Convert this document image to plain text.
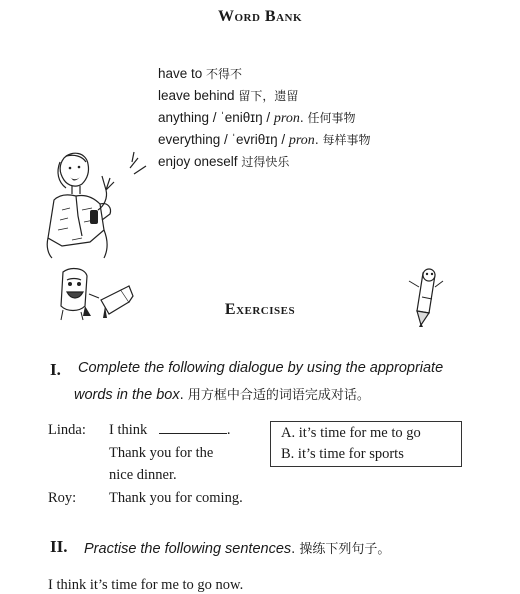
Word Bank
have to 不得不
leave behind 留下，遗留
anything / ˈeniθɪŋ / pron. 任何事物
everything / ˈevriθɪŋ / pron. 每样事物
enjoy oneself 过得快乐
Exercises
I. Complete the following dialogue by using the appropriate
words in the box. 用方框中合适的词语完成对话。
Linda: I think	.
Thank you for the
nice dinner.
Roy: Thank you for coming.
A. it’s time for me to go
B. it’s time for sports
II. Practise the following sentences. 操练下列句子。
I think it’s time for me to go now.
